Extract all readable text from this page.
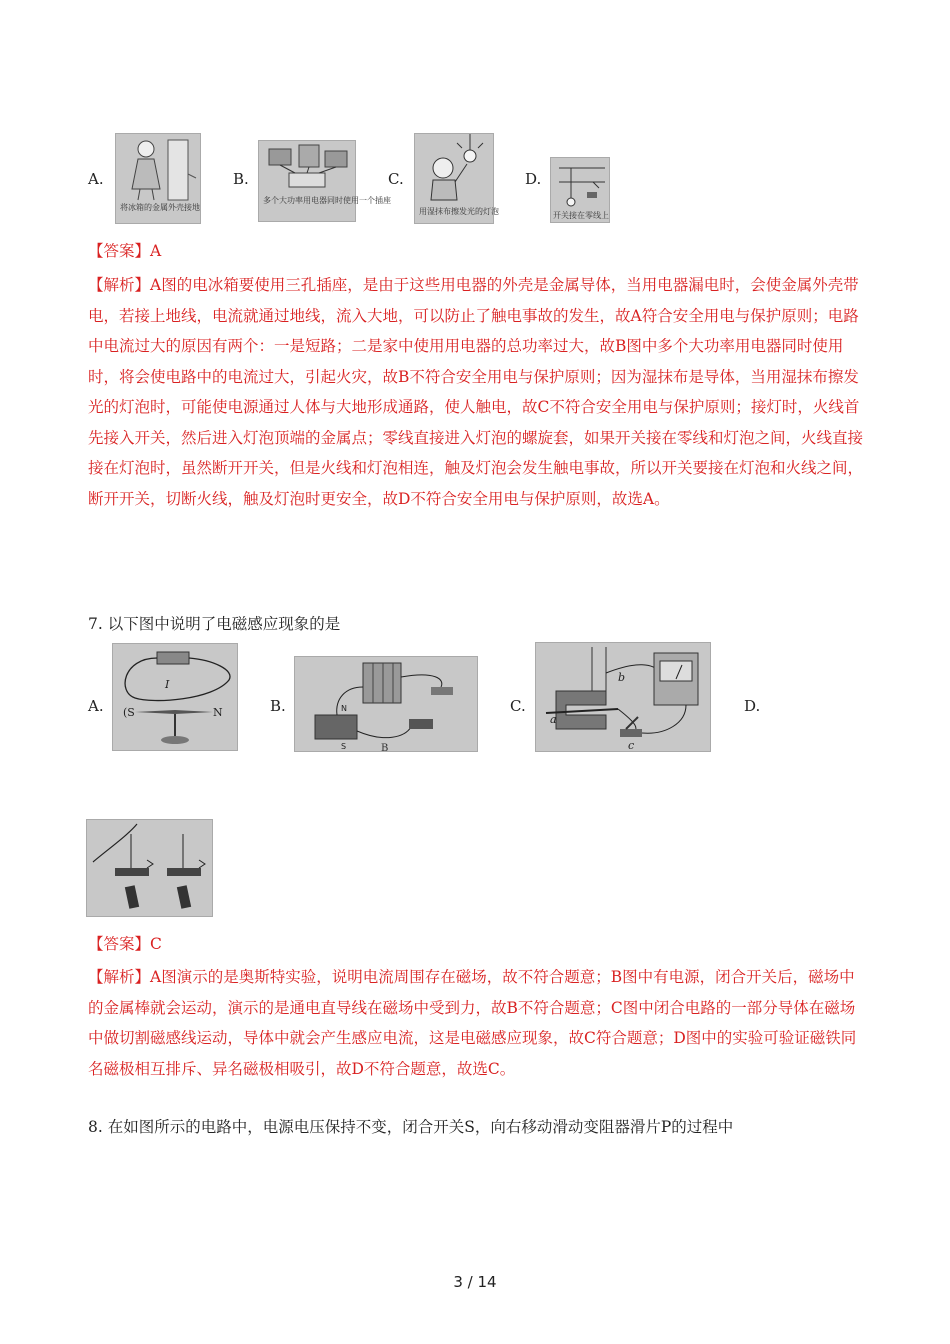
A.
将冰箱的金属外壳接地
B.
多个大功率用电器同时使用一个插座
C.
用湿抹布擦发光的灯泡
D.
开关接在零线上
【答案】A

【解析】A图的电冰箱要使用三孔插座，是由于这些用电器的外壳是金属导体，当用电器漏电时，会使金属外壳带电，若接上地线，电流就通过地线，流入大地，可以防止了触电事故的发生，故A符合安全用电与保护原则；电路中电流过大的原因有两个：一是短路；二是家中使用用电器的总功率过大，故B图中多个大功率用电器同时使用时，将会使电路中的电流过大，引起火灾，故B不符合安全用电与保护原则；因为湿抹布是导体，当用湿抹布擦发光的灯泡时，可能使电源通过人体与大地形成通路，使人触电，故C不符合安全用电与保护原则；接灯时，火线首先接入开关，然后进入灯泡顶端的金属点；零线直接进入灯泡的螺旋套，如果开关接在零线和灯泡之间，火线直接接在灯泡时，虽然断开开关，但是火线和灯泡相连，触及灯泡会发生触电事故，所以开关要接在灯泡和火线之间，断开开关，切断火线，触及灯泡时更安全，故D不符合安全用电与保护原则，故选A。

7. 以下图中说明了电磁感应现象的是
A.
I
(S	N	B.	N
S	B
C.
b
a
c
D.
【答案】C

【解析】A图演示的是奥斯特实验，说明电流周围存在磁场，故不符合题意；B图中有电源，闭合开关后，磁场中的金属棒就会运动，演示的是通电直导线在磁场中受到力，故B不符合题意；C图中闭合电路的一部分导体在磁场中做切割磁感线运动，导体中就会产生感应电流，这是电磁感应现象，故C符合题意；D图中的实验可验证磁铁同名磁极相互排斥、异名磁极相吸引，故D不符合题意，故选C。

8. 在如图所示的电路中，电源电压保持不变，闭合开关S，向右移动滑动变阻器滑片P的过程中
3 / 14
